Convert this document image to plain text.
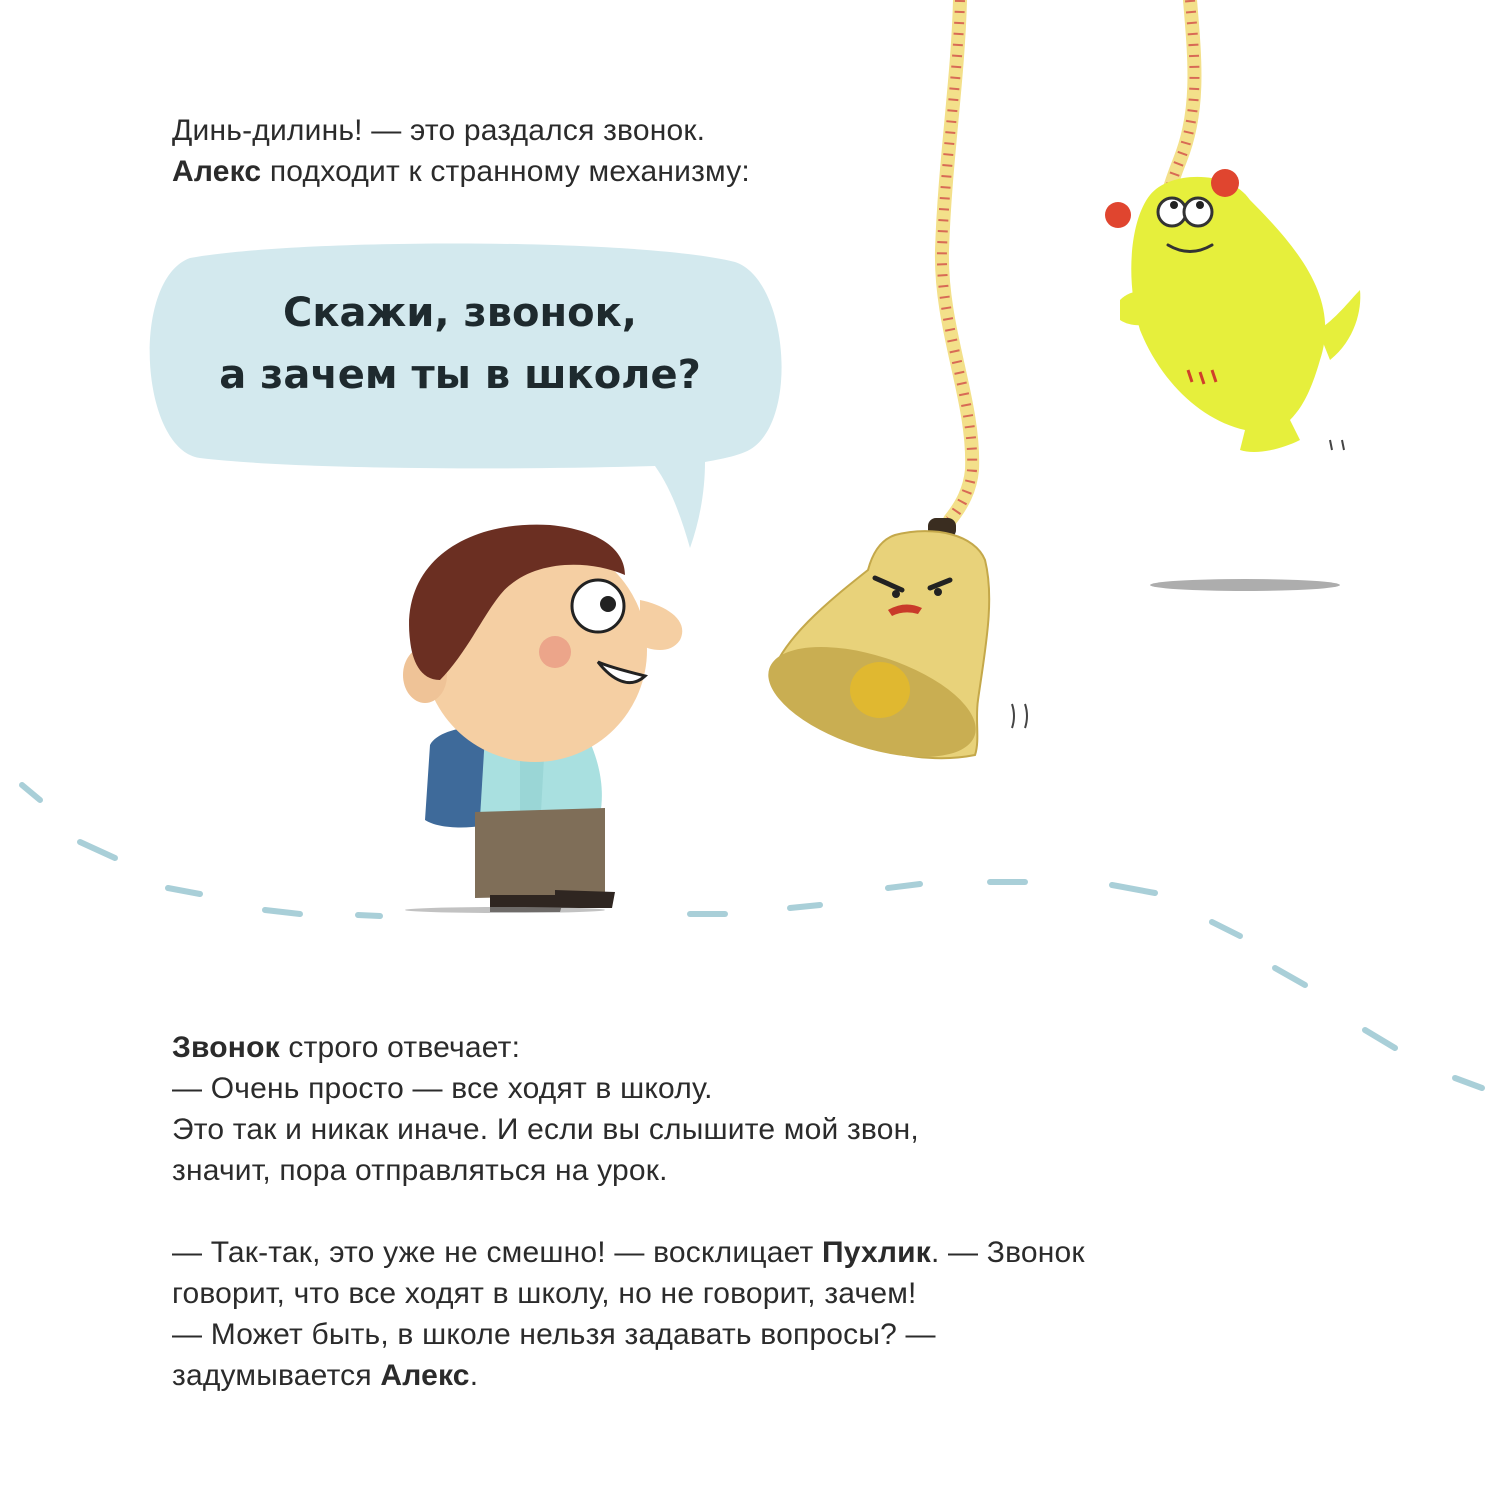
Динь-дилинь! — это раздался звонок.
Алекс подходит к странному механизму:
Скажи, звонок,
а зачем ты в школе?
Звонок строго отвечает:
— Очень просто — все ходят в школу.
Это так и никак иначе. И если вы слышите мой звон,
значит, пора отправляться на урок.
— Так-так, это уже не смешно! — восклицает Пухлик. — Звонок
говорит, что все ходят в школу, но не говорит, зачем!
— Может быть, в школе нельзя задавать вопросы? —
задумывается Алекс.
